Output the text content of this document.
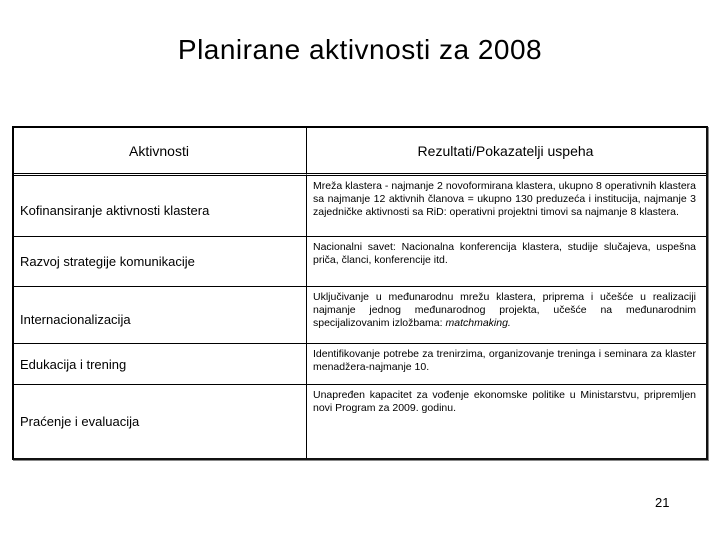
Planirane aktivnosti za 2008
Aktivnosti	Rezultati/Pokazatelji uspeha
Kofinansiranje aktivnosti klastera
Mreža klastera - najmanje 2 novoformirana klastera, ukupno 8 operativnih klastera sa najmanje 12 aktivnih članova = ukupno 130 preduzeća i institucija, najmanje 3 zajedničke aktivnosti sa RiD: operativni projektni timovi sa najmanje 8 klastera.
Razvoj strategije komunikacije
Nacionalni savet: Nacionalna konferencija klastera, studije slučajeva, uspešna priča, članci, konferencije itd.
Internacionalizacija
Uključivanje u međunarodnu mrežu klastera, priprema i učešće u realizaciji najmanje jednog međunarodnog projekta, učešće na međunarodnim specijalizovanim izložbama: matchmaking.
Edukacija i trening
Identifikovanje potrebe za trenirzima, organizovanje treninga i seminara za klaster menadžera-najmanje 10.
Praćenje i evaluacija
Unapređen kapacitet za vođenje ekonomske politike u Ministarstvu, pripremljen novi Program za 2009. godinu.
21
